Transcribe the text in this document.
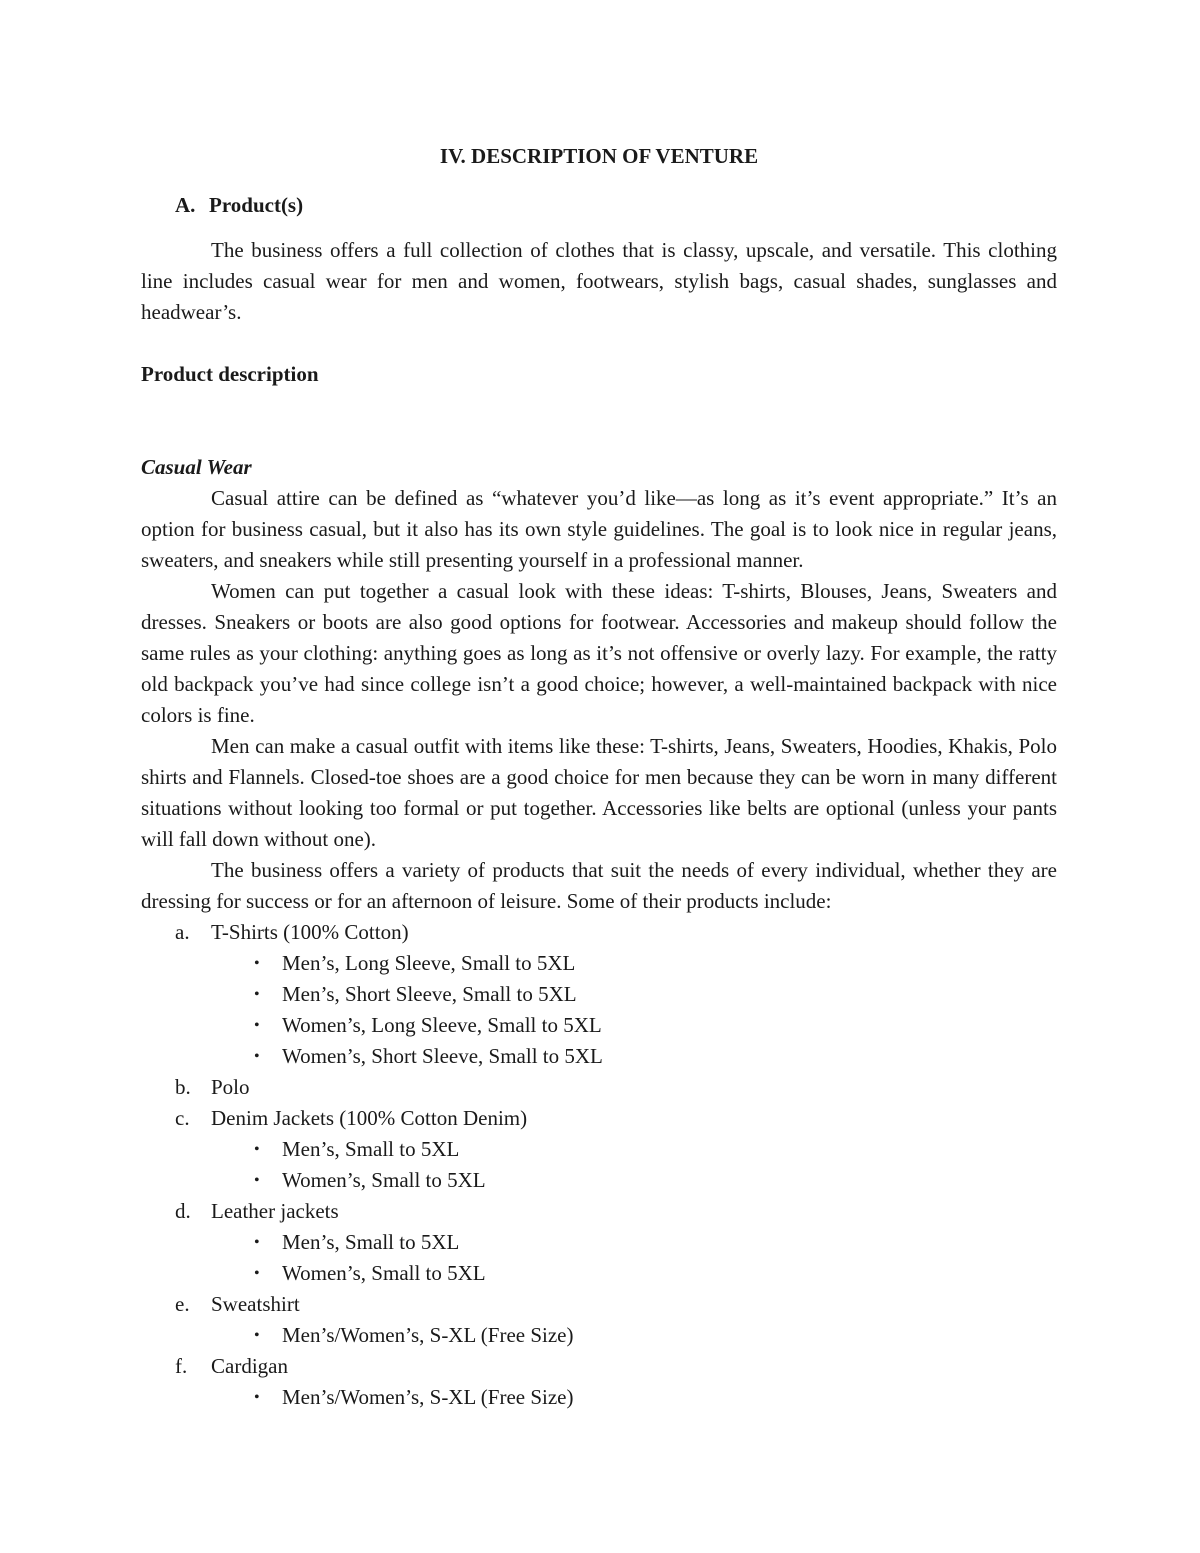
IV. DESCRIPTION OF VENTURE
A. Product(s)

The business offers a full collection of clothes that is classy, upscale, and versatile. This clothing line includes casual wear for men and women, footwears, stylish bags, casual shades, sunglasses and headwear’s.

Product description
Casual Wear

Casual attire can be defined as “whatever you’d like—as long as it’s event appropriate.” It’s an option for business casual, but it also has its own style guidelines. The goal is to look nice in regular jeans, sweaters, and sneakers while still presenting yourself in a professional manner.

Women can put together a casual look with these ideas: T-shirts, Blouses, Jeans, Sweaters and dresses. Sneakers or boots are also good options for footwear. Accessories and makeup should follow the same rules as your clothing: anything goes as long as it’s not offensive or overly lazy. For example, the ratty old backpack you’ve had since college isn’t a good choice; however, a well-maintained backpack with nice colors is fine.

Men can make a casual outfit with items like these: T-shirts, Jeans, Sweaters, Hoodies, Khakis, Polo shirts and Flannels. Closed-toe shoes are a good choice for men because they can be worn in many different situations without looking too formal or put together. Accessories like belts are optional (unless your pants will fall down without one).

The business offers a variety of products that suit the needs of every individual, whether they are dressing for success or for an afternoon of leisure. Some of their products include:

a.	T-Shirts (100% Cotton)
•	Men’s, Long Sleeve, Small to 5XL
•	Men’s, Short Sleeve, Small to 5XL
•	Women’s, Long Sleeve, Small to 5XL
•	Women’s, Short Sleeve, Small to 5XL
b. Polo
c.	Denim Jackets (100% Cotton Denim)
•	Men’s, Small to 5XL
•	Women’s, Small to 5XL
d. Leather jackets
•	Men’s, Small to 5XL
•	Women’s, Small to 5XL
e.	Sweatshirt
•	Men’s/Women’s, S-XL (Free Size)
f.	Cardigan
•	Men’s/Women’s, S-XL (Free Size)
